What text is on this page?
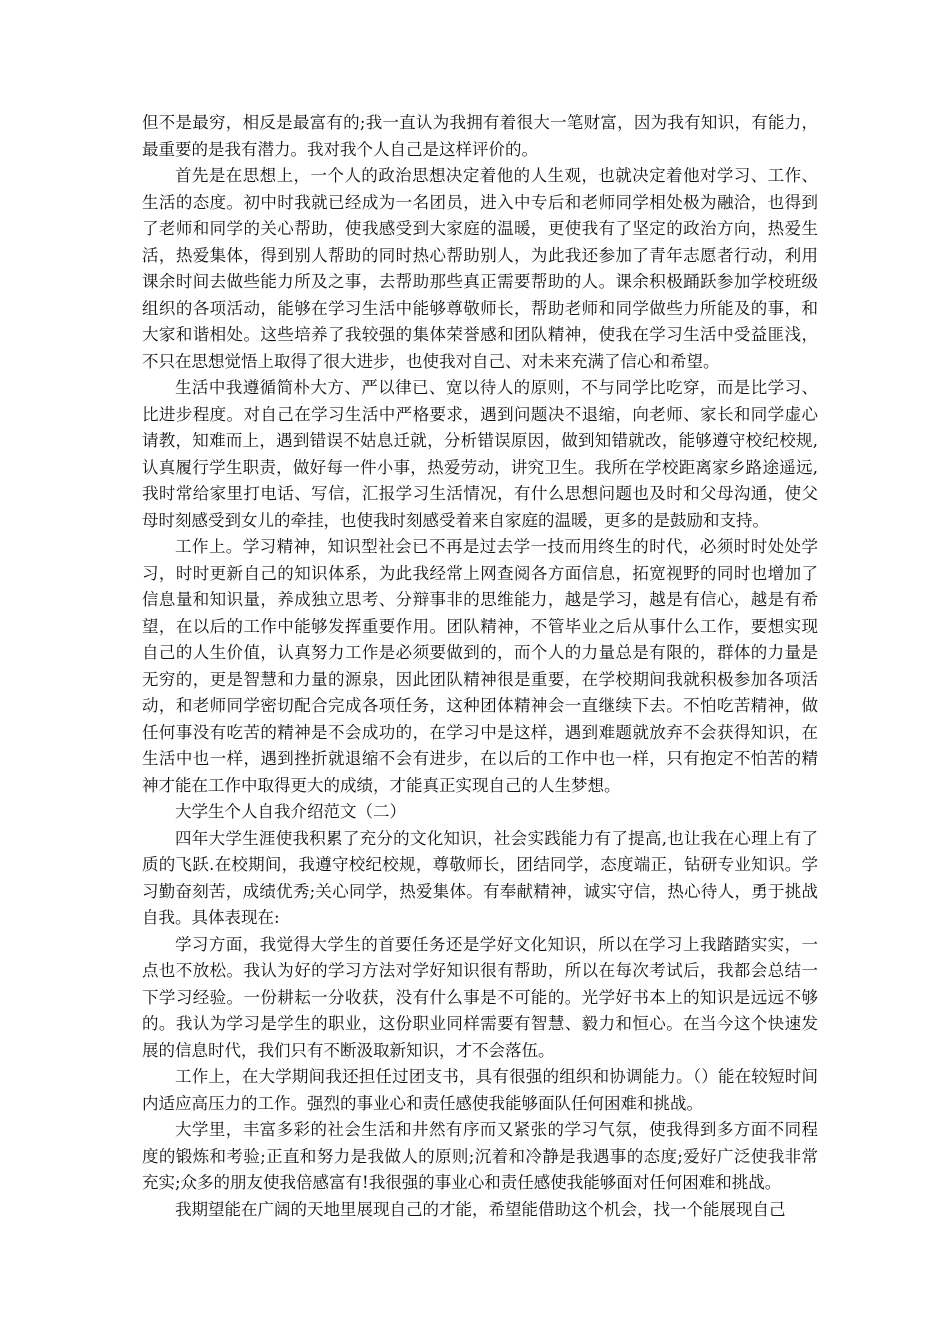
但不是最穷，相反是最富有的;我一直认为我拥有着很大一笔财富，因为我有知识，有能力，最重要的是我有潜力。我对我个人自己是这样评价的。

首先是在思想上，一个人的政治思想决定着他的人生观，也就决定着他对学习、工作、生活的态度。初中时我就已经成为一名团员，进入中专后和老师同学相处极为融洽，也得到了老师和同学的关心帮助，使我感受到大家庭的温暖，更使我有了坚定的政治方向，热爱生活，热爱集体，得到别人帮助的同时热心帮助别人，为此我还参加了青年志愿者行动，利用课余时间去做些能力所及之事，去帮助那些真正需要帮助的人。课余积极踊跃参加学校班级组织的各项活动，能够在学习生活中能够尊敬师长，帮助老师和同学做些力所能及的事，和大家和谐相处。这些培养了我较强的集体荣誉感和团队精神，使我在学习生活中受益匪浅，不只在思想觉悟上取得了很大进步，也使我对自己、对未来充满了信心和希望。

生活中我遵循简朴大方、严以律已、宽以待人的原则，不与同学比吃穿，而是比学习、比进步程度。对自己在学习生活中严格要求，遇到问题决不退缩，向老师、家长和同学虚心请教，知难而上，遇到错误不姑息迁就，分析错误原因，做到知错就改，能够遵守校纪校规,认真履行学生职责，做好每一件小事，热爱劳动，讲究卫生。我所在学校距离家乡路途遥远,我时常给家里打电话、写信，汇报学习生活情况，有什么思想问题也及时和父母沟通，使父母时刻感受到女儿的牵挂，也使我时刻感受着来自家庭的温暖，更多的是鼓励和支持。

工作上。学习精神，知识型社会已不再是过去学一技而用终生的时代，必须时时处处学习，时时更新自己的知识体系，为此我经常上网查阅各方面信息，拓宽视野的同时也增加了信息量和知识量，养成独立思考、分辩事非的思维能力，越是学习，越是有信心，越是有希望，在以后的工作中能够发挥重要作用。团队精神，不管毕业之后从事什么工作，要想实现自己的人生价值，认真努力工作是必须要做到的，而个人的力量总是有限的，群体的力量是无穷的，更是智慧和力量的源泉，因此团队精神很是重要，在学校期间我就积极参加各项活动，和老师同学密切配合完成各项任务，这种团体精神会一直继续下去。不怕吃苦精神，做任何事没有吃苦的精神是不会成功的，在学习中是这样，遇到难题就放弃不会获得知识，在生活中也一样，遇到挫折就退缩不会有进步，在以后的工作中也一样，只有抱定不怕苦的精神才能在工作中取得更大的成绩，才能真正实现自己的人生梦想。

大学生个人自我介绍范文（二）

四年大学生涯使我积累了充分的文化知识，社会实践能力有了提高,也让我在心理上有了质的飞跃.在校期间，我遵守校纪校规，尊敬师长，团结同学，态度端正，钻研专业知识。学习勤奋刻苦，成绩优秀;关心同学，热爱集体。有奉献精神，诚实守信，热心待人，勇于挑战自我。具体表现在:

学习方面，我觉得大学生的首要任务还是学好文化知识，所以在学习上我踏踏实实，一点也不放松。我认为好的学习方法对学好知识很有帮助，所以在每次考试后，我都会总结一下学习经验。一份耕耘一分收获，没有什么事是不可能的。光学好书本上的知识是远远不够的。我认为学习是学生的职业，这份职业同样需要有智慧、毅力和恒心。在当今这个快速发展的信息时代，我们只有不断汲取新知识，才不会落伍。

工作上，在大学期间我还担任过团支书，具有很强的组织和协调能力。（）能在较短时间内适应高压力的工作。强烈的事业心和责任感使我能够面队任何困难和挑战。

大学里，丰富多彩的社会生活和井然有序而又紧张的学习气氛，使我得到多方面不同程度的锻炼和考验;正直和努力是我做人的原则;沉着和冷静是我遇事的态度;爱好广泛使我非常充实;众多的朋友使我倍感富有!我很强的事业心和责任感使我能够面对任何困难和挑战。

我期望能在广阔的天地里展现自己的才能，希望能借助这个机会，找一个能展现自己
